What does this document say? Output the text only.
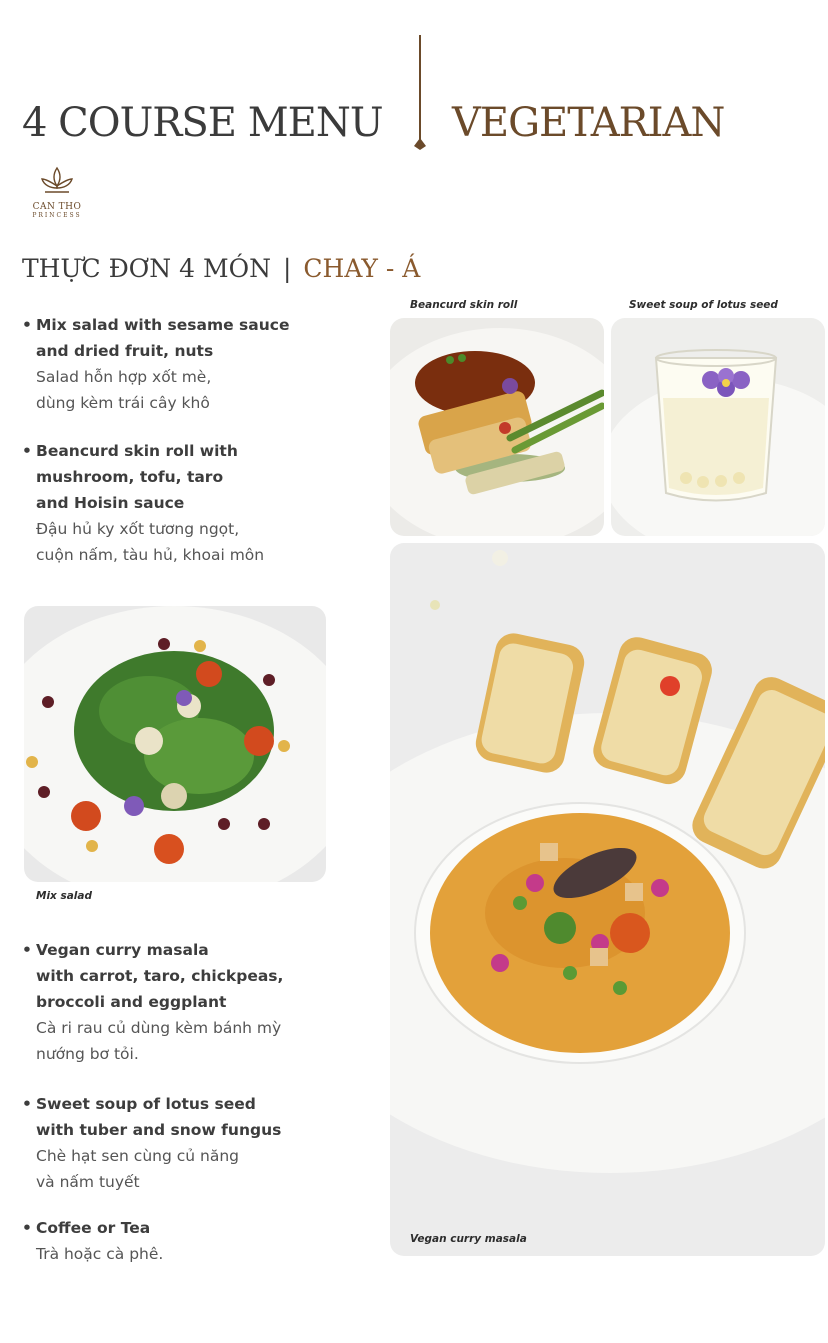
4 COURSE MENU VEGETARIAN
CAN THO
PRINCESS
THỰC ĐƠN 4 MÓN | CHAY - Á
• Mix salad with sesame sauce
and dried fruit, nuts
Salad hỗn hợp xốt mè,
dùng kèm trái cây khô
• Beancurd skin roll with
mushroom, tofu, taro
and Hoisin sauce
Đậu hủ ky xốt tương ngọt,
cuộn nấm, tàu hủ, khoai môn
• Vegan curry masala
with carrot, taro, chickpeas,
broccoli and eggplant
Cà ri rau củ dùng kèm bánh mỳ
nướng bơ tỏi.
• Sweet soup of lotus seed
with tuber and snow fungus
Chè hạt sen cùng củ năng
và nấm tuyết
• Coffee or Tea
Trà hoặc cà phê.
Beancurd skin roll	Sweet soup of lotus seed
Mix salad
Vegan curry masala
